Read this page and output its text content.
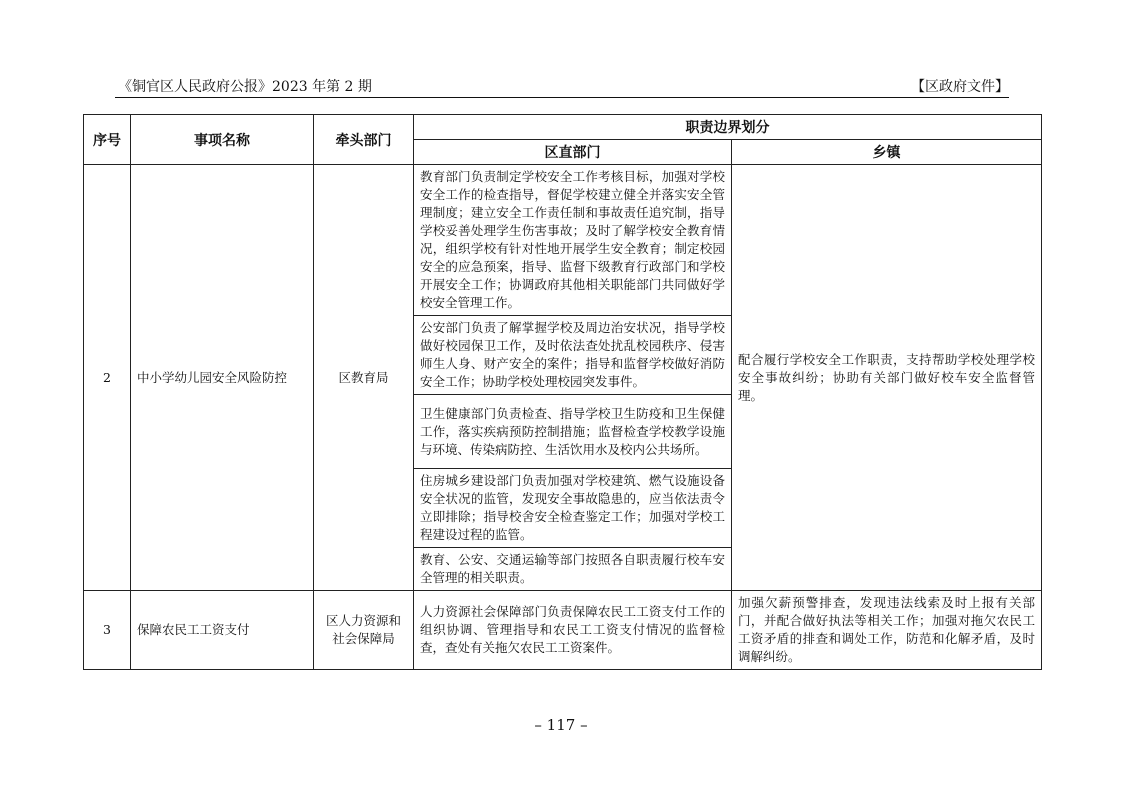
《铜官区人民政府公报》2023 年第 2 期	【区政府文件】
序号	事项名称	牵头部门	职责边界划分	
			区直部门	乡镇
2	中小学幼儿园安全风险防控	区教育局	教育部门负责制定学校安全工作考核目标，加强对学校安全工作的检查指导，督促学校建立健全并落实安全管理制度；建立安全工作责任制和事故责任追究制，指导学校妥善处理学生伤害事故；及时了解学校安全教育情况，组织学校有针对性地开展学生安全教育；制定校园安全的应急预案，指导、监督下级教育行政部门和学校开展安全工作；协调政府其他相关职能部门共同做好学校安全管理工作。	配合履行学校安全工作职责，支持帮助学校处理学校安全事故纠纷；协助有关部门做好校车安全监督管理。
			公安部门负责了解掌握学校及周边治安状况，指导学校做好校园保卫工作，及时依法查处扰乱校园秩序、侵害师生人身、财产安全的案件；指导和监督学校做好消防安全工作；协助学校处理校园突发事件。	
			卫生健康部门负责检查、指导学校卫生防疫和卫生保健工作，落实疾病预防控制措施；监督检查学校教学设施与环境、传染病防控、生活饮用水及校内公共场所。	
			住房城乡建设部门负责加强对学校建筑、燃气设施设备安全状况的监管，发现安全事故隐患的，应当依法责令立即排除；指导校舍安全检查鉴定工作；加强对学校工程建设过程的监管。	
			教育、公安、交通运输等部门按照各自职责履行校车安全管理的相关职责。	
3	保障农民工工资支付	区人力资源和社会保障局	人力资源社会保障部门负责保障农民工工资支付工作的组织协调、管理指导和农民工工资支付情况的监督检查，查处有关拖欠农民工工资案件。	加强欠薪预警排查，发现违法线索及时上报有关部门，并配合做好执法等相关工作；加强对拖欠农民工工资矛盾的排查和调处工作，防范和化解矛盾，及时调解纠纷。
– 117 –
